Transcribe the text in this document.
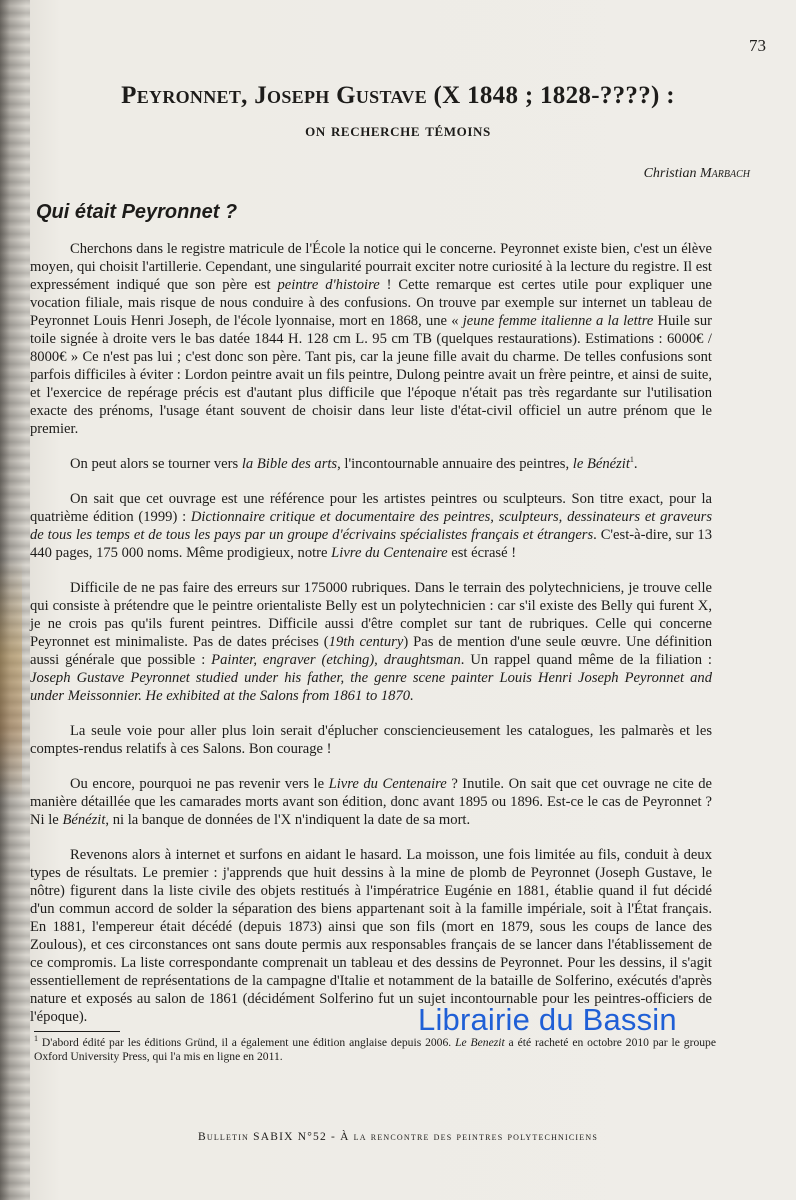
73
Peyronnet, Joseph Gustave (X 1848 ; 1828-????) :
on recherche témoins
Christian Marbach
Qui était Peyronnet ?

Cherchons dans le registre matricule de l'École la notice qui le concerne. Peyronnet existe bien, c'est un élève moyen, qui choisit l'artillerie. Cependant, une singularité pourrait exciter notre curiosité à la lecture du registre. Il est expressément indiqué que son père est peintre d'histoire ! Cette remarque est certes utile pour expliquer une vocation filiale, mais risque de nous conduire à des confusions. On trouve par exemple sur internet un tableau de Peyronnet Louis Henri Joseph, de l'école lyonnaise, mort en 1868, une « jeune femme italienne a la lettre Huile sur toile signée à droite vers le bas datée 1844 H. 128 cm L. 95 cm TB (quelques restaurations). Estimations : 6000€ / 8000€ » Ce n'est pas lui ; c'est donc son père. Tant pis, car la jeune fille avait du charme. De telles confusions sont parfois difficiles à éviter : Lordon peintre avait un fils peintre, Dulong peintre avait un frère peintre, et ainsi de suite, et l'exercice de repérage précis est d'autant plus difficile que l'époque n'était pas très regardante sur l'utilisation exacte des prénoms, l'usage étant souvent de choisir dans leur liste d'état-civil officiel un autre prénom que le premier.

On peut alors se tourner vers la Bible des arts, l'incontournable annuaire des peintres, le Bénézit$^1$.

On sait que cet ouvrage est une référence pour les artistes peintres ou sculpteurs. Son titre exact, pour la quatrième édition (1999) : Dictionnaire critique et documentaire des peintres, sculpteurs, dessinateurs et graveurs de tous les temps et de tous les pays par un groupe d'écrivains spécialistes français et étrangers. C'est-à-dire, sur 13 440 pages, 175 000 noms. Même prodigieux, notre Livre du Centenaire est écrasé !

Difficile de ne pas faire des erreurs sur 175000 rubriques. Dans le terrain des polytechniciens, je trouve celle qui consiste à prétendre que le peintre orientaliste Belly est un polytechnicien : car s'il existe des Belly qui furent X, je ne crois pas qu'ils furent peintres. Difficile aussi d'être complet sur tant de rubriques. Celle qui concerne Peyronnet est minimaliste. Pas de dates précises (19th century) Pas de mention d'une seule œuvre. Une définition aussi générale que possible : Painter, engraver (etching), draughtsman. Un rappel quand même de la filiation : Joseph Gustave Peyronnet studied under his father, the genre scene painter Louis Henri Joseph Peyronnet and under Meissonnier. He exhibited at the Salons from 1861 to 1870.

La seule voie pour aller plus loin serait d'éplucher consciencieusement les catalogues, les palmarès et les comptes-rendus relatifs à ces Salons. Bon courage !

Ou encore, pourquoi ne pas revenir vers le Livre du Centenaire ? Inutile. On sait que cet ouvrage ne cite de manière détaillée que les camarades morts avant son édition, donc avant 1895 ou 1896. Est-ce le cas de Peyronnet ? Ni le Bénézit, ni la banque de données de l'X n'indiquent la date de sa mort.

Revenons alors à internet et surfons en aidant le hasard. La moisson, une fois limitée au fils, conduit à deux types de résultats. Le premier : j'apprends que huit dessins à la mine de plomb de Peyronnet (Joseph Gustave, le nôtre) figurent dans la liste civile des objets restitués à l'impératrice Eugénie en 1881, établie quand il fut décidé d'un commun accord de solder la séparation des biens appartenant soit à la famille impériale, soit à l'État français. En 1881, l'empereur était décédé (depuis 1873) ainsi que son fils (mort en 1879, sous les coups de lance des Zoulous), et ces circonstances ont sans doute permis aux responsables français de se lancer dans l'établissement de ce compromis. La liste correspondante comprenait un tableau et des dessins de Peyronnet. Pour les dessins, il s'agit essentiellement de représentations de la campagne d'Italie et notamment de la bataille de Solferino, exécutés d'après nature et exposés au salon de 1861 (décidément Solferino fut un sujet incontournable pour les peintres-officiers de l'époque).	Librairie du Bassin
$^1$ D'abord édité par les éditions Gründ, il a également une édition anglaise depuis 2006. Le Benezit a été racheté en octobre 2010 par le groupe Oxford University Press, qui l'a mis en ligne en 2011.
Bulletin SABIX N°52 - À la rencontre des peintres polytechniciens
